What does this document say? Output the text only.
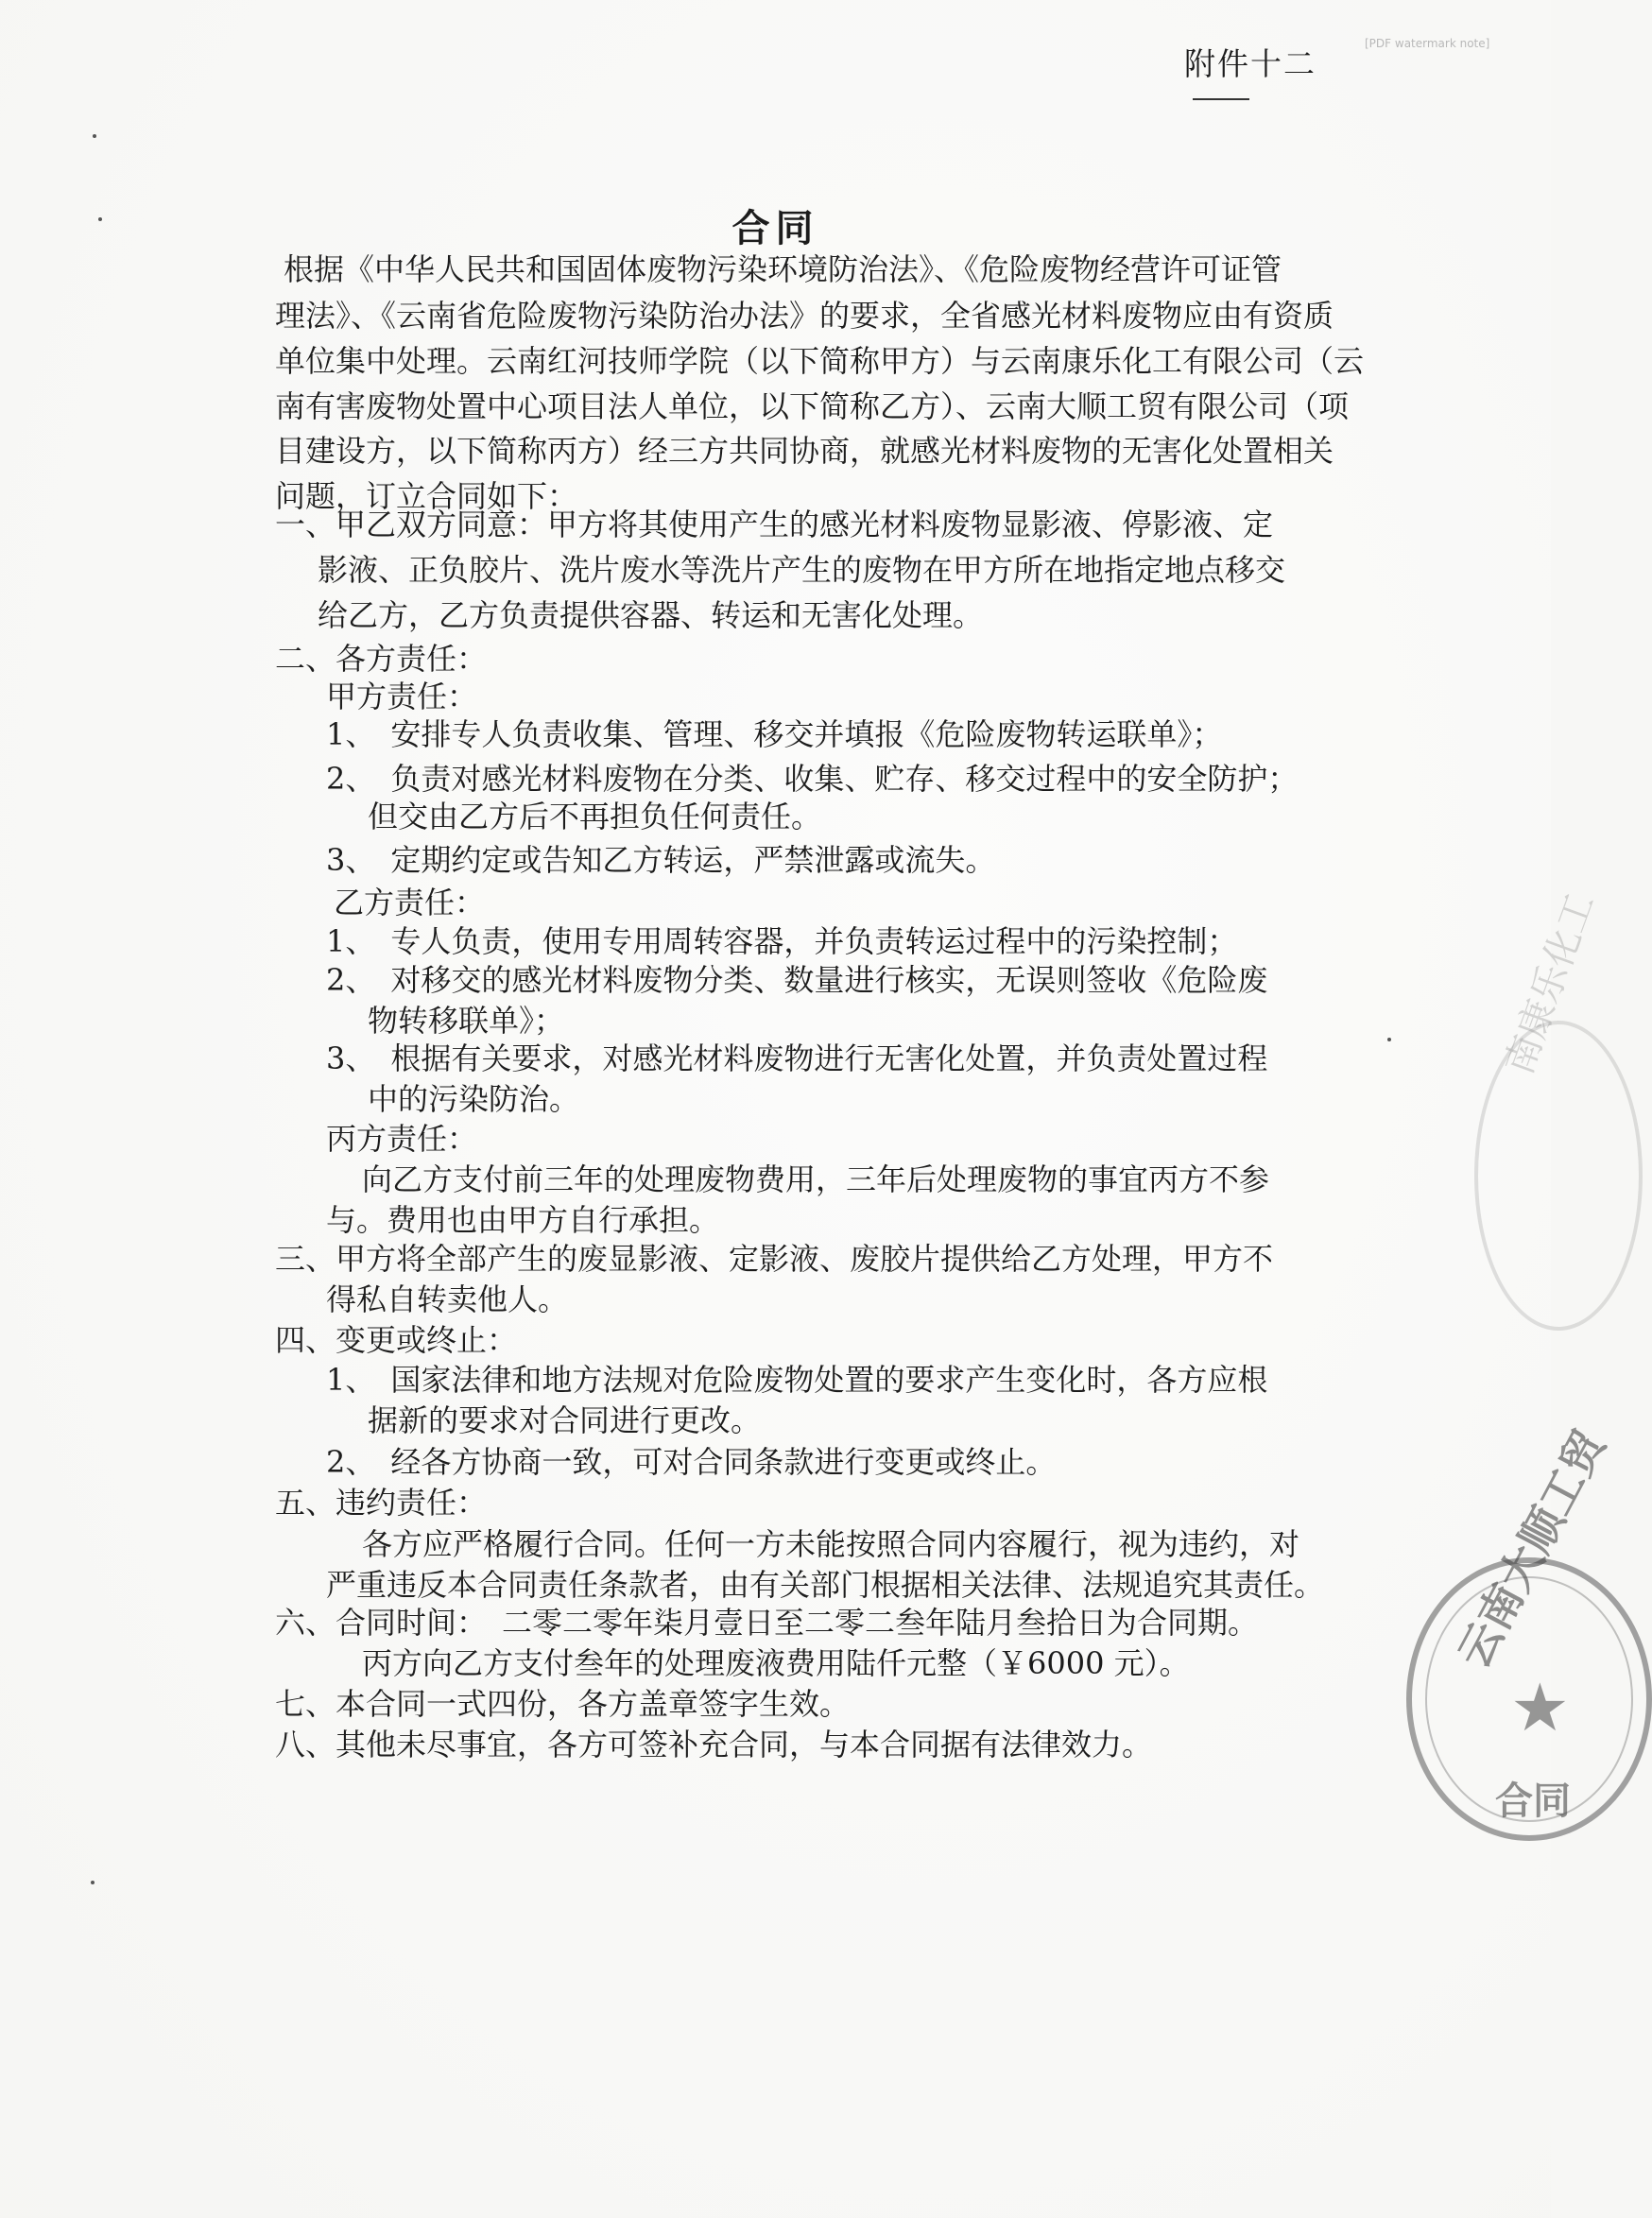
附件十二
[PDF watermark note]
合同
根据《中华人民共和国固体废物污染环境防治法》、《危险废物经营许可证管
理法》、《云南省危险废物污染防治办法》的要求，全省感光材料废物应由有资质
单位集中处理。云南红河技师学院（以下简称甲方）与云南康乐化工有限公司（云
南有害废物处置中心项目法人单位，以下简称乙方）、云南大顺工贸有限公司（项
目建设方，以下简称丙方）经三方共同协商，就感光材料废物的无害化处置相关
问题，订立合同如下：
一、甲乙双方同意：甲方将其使用产生的感光材料废物显影液、停影液、定
影液、正负胶片、洗片废水等洗片产生的废物在甲方所在地指定地点移交
给乙方，乙方负责提供容器、转运和无害化处理。
二、各方责任：
甲方责任：
1、　安排专人负责收集、管理、移交并填报《危险废物转运联单》；
2、　负责对感光材料废物在分类、收集、贮存、移交过程中的安全防护；
但交由乙方后不再担负任何责任。
3、　定期约定或告知乙方转运，严禁泄露或流失。
乙方责任：
1、　专人负责，使用专用周转容器，并负责转运过程中的污染控制；
2、　对移交的感光材料废物分类、数量进行核实，无误则签收《危险废
物转移联单》；
3、　根据有关要求，对感光材料废物进行无害化处置，并负责处置过程
中的污染防治。
丙方责任：
向乙方支付前三年的处理废物费用，三年后处理废物的事宜丙方不参
与。费用也由甲方自行承担。
三、甲方将全部产生的废显影液、定影液、废胶片提供给乙方处理，甲方不
得私自转卖他人。
四、变更或终止：
1、　国家法律和地方法规对危险废物处置的要求产生变化时，各方应根
据新的要求对合同进行更改。
2、　经各方协商一致，可对合同条款进行变更或终止。
五、违约责任：
各方应严格履行合同。任何一方未能按照合同内容履行，视为违约，对
严重违反本合同责任条款者，由有关部门根据相关法律、法规追究其责任。
六、合同时间：　二零二零年柒月壹日至二零二叁年陆月叁拾日为合同期。
丙方向乙方支付叁年的处理废液费用陆仟元整（￥6000 元）。
七、本合同一式四份，各方盖章签字生效。
八、其他未尽事宜，各方可签补充合同，与本合同据有法律效力。
南康乐化工
云南大顺工贸
★
合同
